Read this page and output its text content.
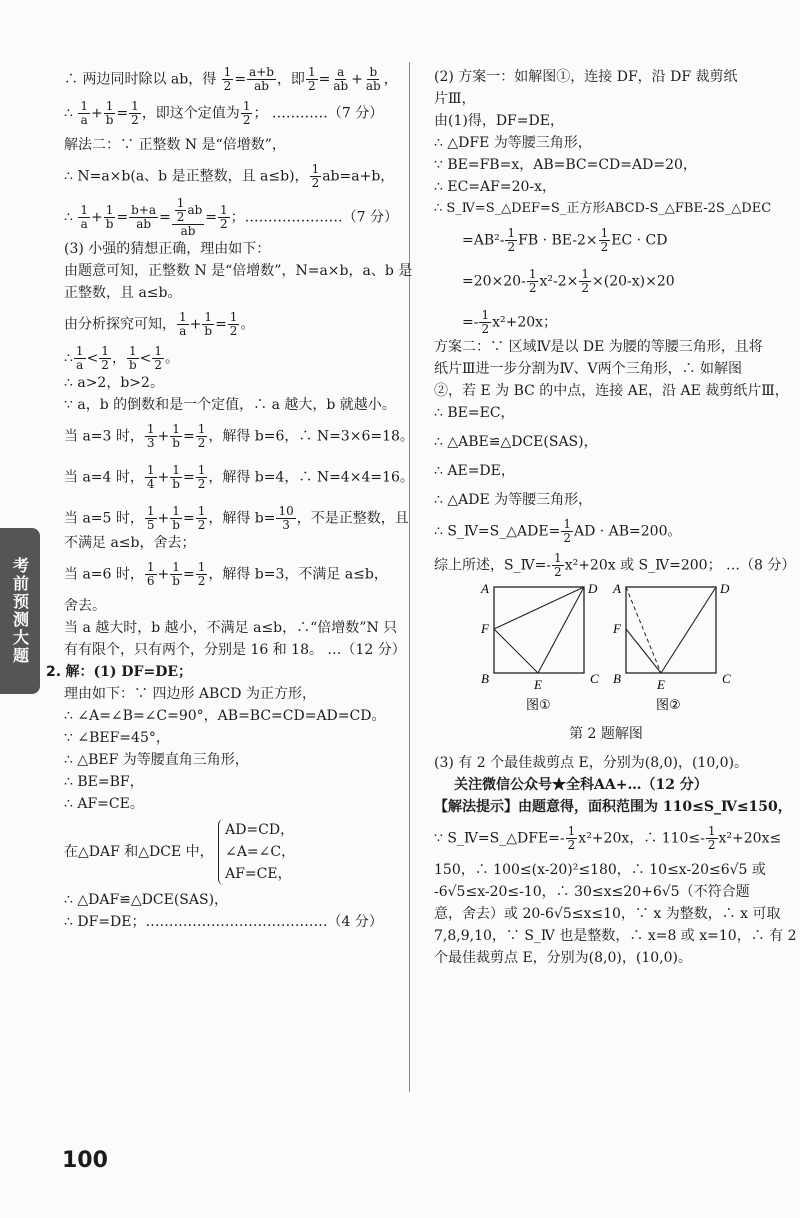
考前预测大题
∴ 两边同时除以 ab，得 $\frac{1}{2} = \frac{a+b}{ab}$ ，即 $\frac{1}{2} = \frac{a}{ab} + \frac{b}{ab}$ ，
∴ $\frac{1}{a} + \frac{1}{b} = \frac{1}{2}$ ，即这个定值为 $\frac{1}{2}$ ； …………（7 分）
解法二：∵ 正整数 N 是“倍增数”，
∴ N=a×b(a、b 是正整数，且 a≤b)， $\frac{1}{2} ab=a+b$，
∴ $\frac{1}{a} + \frac{1}{b} = \frac{b+a}{ab} = \frac{\frac{1}{2} ab}{ab} = \frac{1}{2}$ ；…………………（7 分）
(3) 小强的猜想正确，理由如下：
由题意可知，正整数 N 是“倍增数”，N=a×b，a、b 是
正整数，且 a≤b。
由分析探究可知， $\frac{1}{a} + \frac{1}{b} = \frac{1}{2}$ 。
∴ $\frac{1}{a} < \frac{1}{2}$ ， $\frac{1}{b} < \frac{1}{2}$ 。
∴ a>2，b>2。
∵ a，b 的倒数和是一个定值，∴ a 越大，b 就越小。
当 a=3 时， $\frac{1}{3} + \frac{1}{b} = \frac{1}{2}$ ，解得 b=6，∴ N=3×6=18。
当 a=4 时， $\frac{1}{4} + \frac{1}{b} = \frac{1}{2}$ ，解得 b=4，∴ N=4×4=16。
当 a=5 时， $\frac{1}{5} + \frac{1}{b} = \frac{1}{2}$ ，解得 $b= \frac{10}{3}$ ，不是正整数，且
不满足 a≤b，舍去；
当 a=6 时， $\frac{1}{6} + \frac{1}{b} = \frac{1}{2}$ ，解得 b=3，不满足 a≤b，
舍去。
当 a 越大时，b 越小，不满足 a≤b，∴“倍增数”N 只
有有限个，只有两个，分别是 16 和 18。 …（12 分）
2. 解：(1) DF=DE；
理由如下：∵ 四边形 ABCD 为正方形，
∴ ∠A=∠B=∠C=90°，AB=BC=CD=AD=CD。
∵ ∠BEF=45°，
∴ △BEF 为等腰直角三角形，
∴ BE=BF，
∴ AF=CE。
在△DAF 和△DCE 中，
AD=CD，
∠A=∠C，
AF=CE，
∴ △DAF≌△DCE(SAS)，
∴ DF=DE；…………………………………（4 分）
(2) 方案一：如解图①，连接 DF，沿 DF 裁剪纸
片Ⅲ，
由(1)得，DF=DE，
∴ △DFE 为等腰三角形，
∵ BE=FB=x，AB=BC=CD=AD=20，
∴ EC=AF=20-x，
∴ S_Ⅳ=S_△DEF=S_正方形ABCD-S_△FBE-2S_△DEC
$=AB^2- \frac{1}{2}$ FB · $BE-2\times \frac{1}{2}$ EC · CD
$=20\times 20- \frac{1}{2} x^2-2\times \frac{1}{2} \times(20-x)\times 20$
=- $\frac{1}{2} x^2+20x$；
方案二：∵ 区域Ⅳ是以 DE 为腰的等腰三角形，且将
纸片Ⅲ进一步分割为Ⅳ、Ⅴ两个三角形，∴ 如解图
②，若 E 为 BC 的中点，连接 AE，沿 AE 裁剪纸片Ⅲ，
∴ BE=EC，
∴ △ABE≌△DCE(SAS)，
∴ AE=DE，
∴ △ADE 为等腰三角形，
∴ S_Ⅳ=S_△ADE= $\frac{1}{2}$ AD · AB=200。
综上所述，S_Ⅳ=- $\frac{1}{2} x^2+20x$ 或 S_Ⅳ=200； …（8 分）
A	D
F
B	E	C
A	D
F
B	E	C
图①	图②
第 2 题解图
(3) 有 2 个最佳裁剪点 E，分别为(8,0)，(10,0)。
关注微信公众号★全科AA+…（12 分）
【解法提示】由题意得，面积范围为 110≤S_Ⅳ≤150，
∵ S_Ⅳ=S_△DFE=- $\frac{1}{2} x^2+20x$，∴ $110\le- \frac{1}{2} x^2+20x\le$
150，∴ 100≤(x-20)²≤180，∴ 10≤x-20≤6√5 或
-6√5≤x-20≤-10，∴ 30≤x≤20+6√5（不符合题
意，舍去）或 20-6√5≤x≤10，∵ x 为整数，∴ x 可取
7,8,9,10，∵ S_Ⅳ 也是整数，∴ x=8 或 x=10，∴ 有 2
个最佳裁剪点 E，分别为(8,0)，(10,0)。
100
